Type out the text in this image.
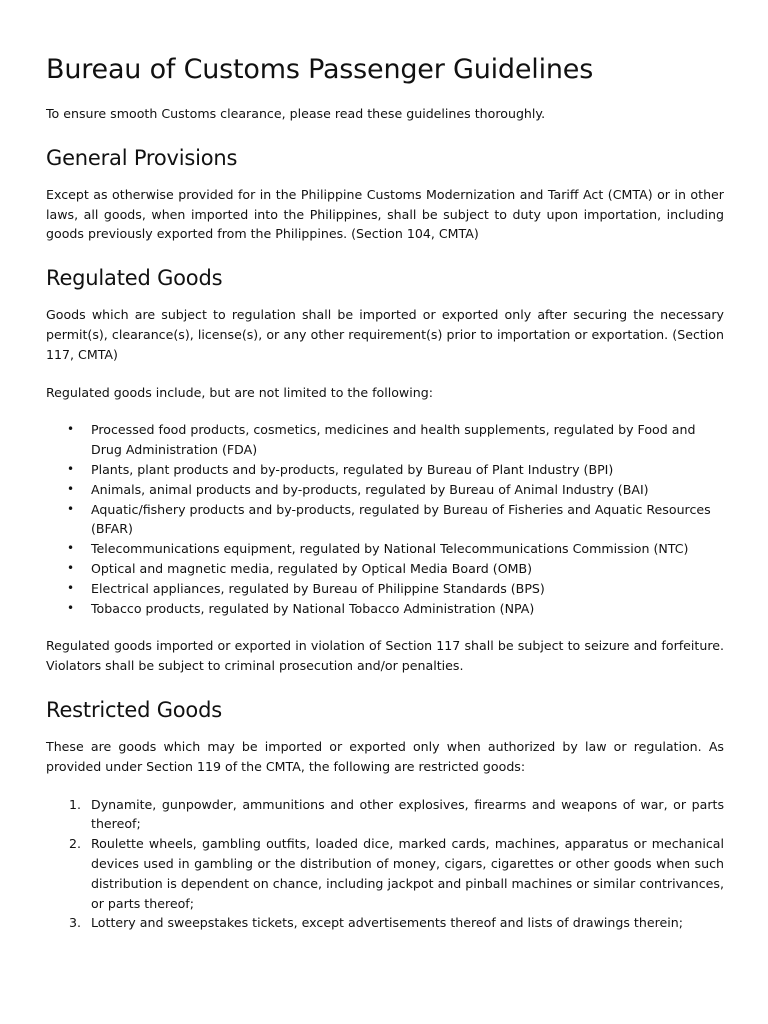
Bureau of Customs Passenger Guidelines

To ensure smooth Customs clearance, please read these guidelines thoroughly.

General Provisions

Except as otherwise provided for in the Philippine Customs Modernization and Tariff Act (CMTA) or in other laws, all goods, when imported into the Philippines, shall be subject to duty upon importation, including goods previously exported from the Philippines. (Section 104, CMTA)

Regulated Goods

Goods which are subject to regulation shall be imported or exported only after securing the necessary permit(s), clearance(s), license(s), or any other requirement(s) prior to importation or exportation. (Section 117, CMTA)

Regulated goods include, but are not limited to the following:

• Processed food products, cosmetics, medicines and health supplements, regulated by Food and Drug Administration (FDA)
• Plants, plant products and by-products, regulated by Bureau of Plant Industry (BPI)
• Animals, animal products and by-products, regulated by Bureau of Animal Industry (BAI)
• Aquatic/fishery products and by-products, regulated by Bureau of Fisheries and Aquatic Resources (BFAR)
• Telecommunications equipment, regulated by National Telecommunications Commission (NTC)
• Optical and magnetic media, regulated by Optical Media Board (OMB)
• Electrical appliances, regulated by Bureau of Philippine Standards (BPS)
• Tobacco products, regulated by National Tobacco Administration (NPA)

Regulated goods imported or exported in violation of Section 117 shall be subject to seizure and forfeiture. Violators shall be subject to criminal prosecution and/or penalties.

Restricted Goods

These are goods which may be imported or exported only when authorized by law or regulation. As provided under Section 119 of the CMTA, the following are restricted goods:

1. Dynamite, gunpowder, ammunitions and other explosives, firearms and weapons of war, or parts thereof;
2. Roulette wheels, gambling outfits, loaded dice, marked cards, machines, apparatus or mechanical devices used in gambling or the distribution of money, cigars, cigarettes or other goods when such distribution is dependent on chance, including jackpot and pinball machines or similar contrivances, or parts thereof;
3. Lottery and sweepstakes tickets, except advertisements thereof and lists of drawings therein;
